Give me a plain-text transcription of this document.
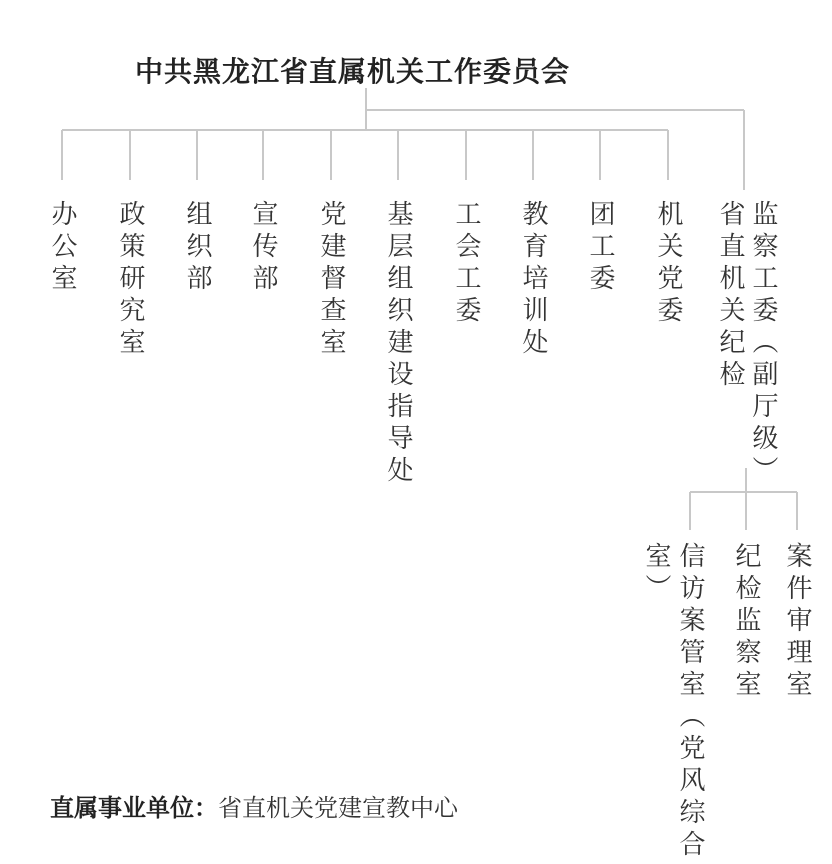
中共黑龙江省直属机关工作委员会
办公室 政策研究室 组织部 宣传部 党建督查室 基层组织建设指导处 工会工委 教育培训处 团工委 机关党委 省直机关纪检 监察工委（副厅级）
信访案管室（党风综合室）	纪检监察室 案件审理室
直属事业单位：省直机关党建宣教中心
